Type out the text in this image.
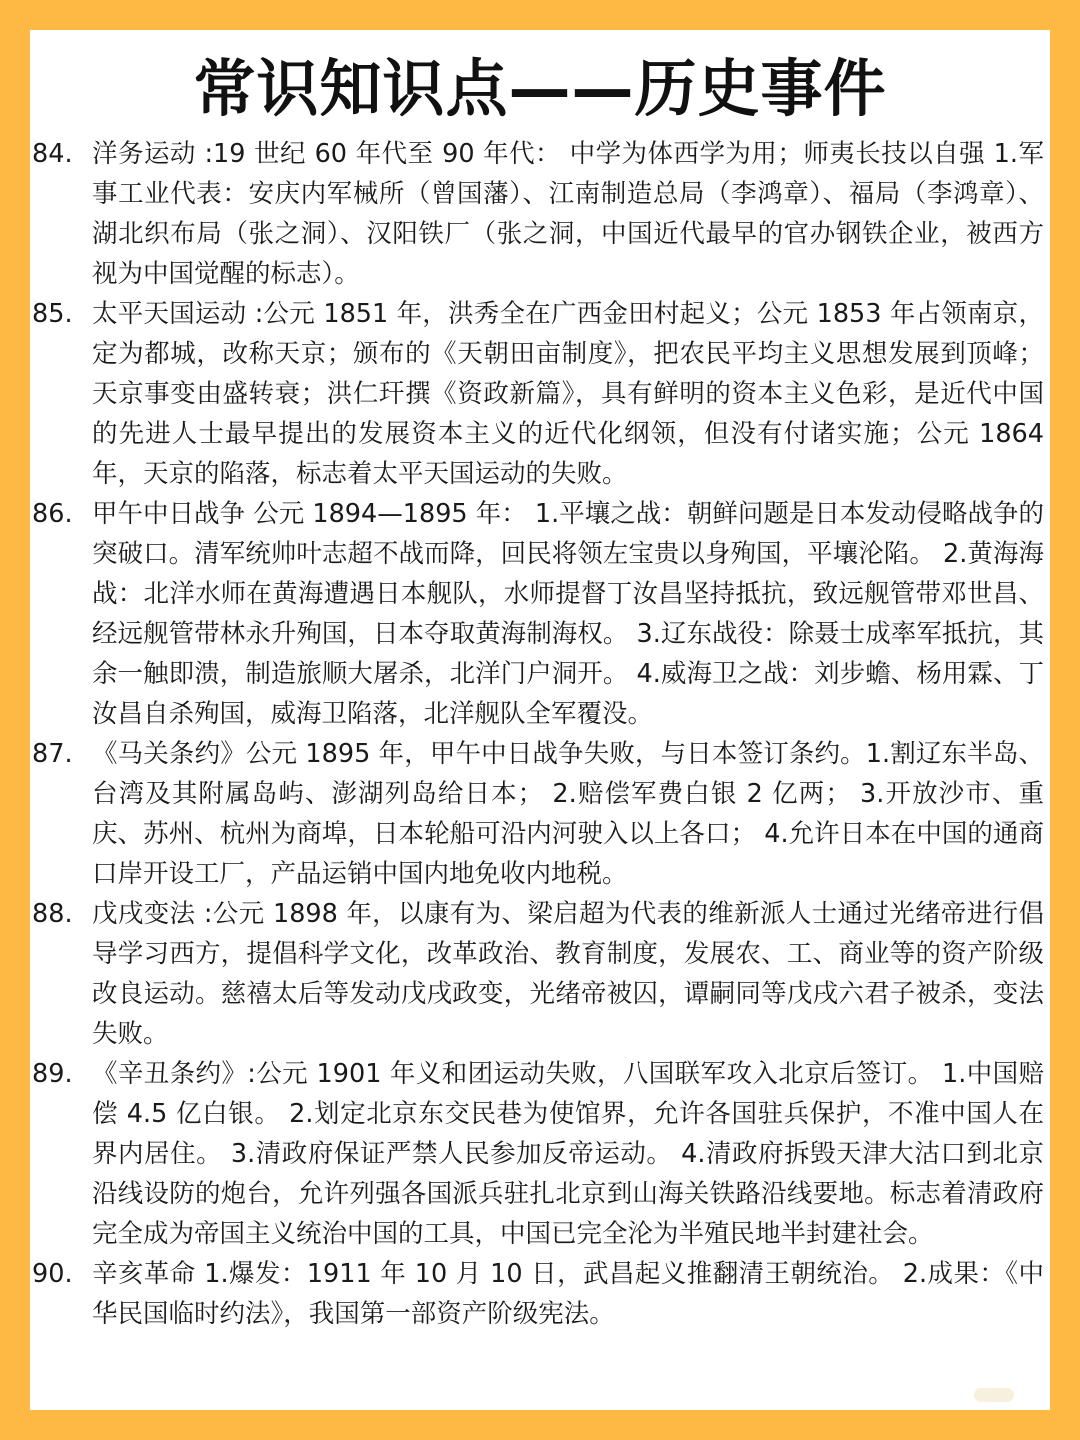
常识知识点——历史事件
84. 洋务运动 :19 世纪 60 年代至 90 年代： 中学为体西学为用；师夷长技以自强 1.军事工业代表：安庆内军械所（曾国藩）、江南制造总局（李鸿章）、福局（李鸿章）、湖北织布局（张之洞）、汉阳铁厂（张之洞，中国近代最早的官办钢铁企业，被西方视为中国觉醒的标志）。
85. 太平天国运动 :公元 1851 年，洪秀全在广西金田村起义；公元 1853 年占领南京，定为都城，改称天京；颁布的《天朝田亩制度》，把农民平均主义思想发展到顶峰；天京事变由盛转衰；洪仁玕撰《资政新篇》，具有鲜明的资本主义色彩，是近代中国的先进人士最早提出的发展资本主义的近代化纲领，但没有付诸实施；公元 1864 年，天京的陷落，标志着太平天国运动的失败。
86. 甲午中日战争 公元 1894—1895 年： 1.平壤之战：朝鲜问题是日本发动侵略战争的突破口。清军统帅叶志超不战而降，回民将领左宝贵以身殉国，平壤沦陷。 2.黄海海战：北洋水师在黄海遭遇日本舰队，水师提督丁汝昌坚持抵抗，致远舰管带邓世昌、经远舰管带林永升殉国，日本夺取黄海制海权。 3.辽东战役：除聂士成率军抵抗，其余一触即溃，制造旅顺大屠杀，北洋门户洞开。 4.威海卫之战：刘步蟾、杨用霖、丁汝昌自杀殉国，威海卫陷落，北洋舰队全军覆没。
87. 《马关条约》公元 1895 年，甲午中日战争失败，与日本签订条约。1.割辽东半岛、台湾及其附属岛屿、澎湖列岛给日本； 2.赔偿军费白银 2 亿两； 3.开放沙市、重庆、苏州、杭州为商埠，日本轮船可沿内河驶入以上各口； 4.允许日本在中国的通商口岸开设工厂，产品运销中国内地免收内地税。
88. 戊戌变法 :公元 1898 年，以康有为、梁启超为代表的维新派人士通过光绪帝进行倡导学习西方，提倡科学文化，改革政治、教育制度，发展农、工、商业等的资产阶级改良运动。慈禧太后等发动戊戌政变，光绪帝被囚，谭嗣同等戊戌六君子被杀，变法失败。
89. 《辛丑条约》:公元 1901 年义和团运动失败，八国联军攻入北京后签订。 1.中国赔偿 4.5 亿白银。 2.划定北京东交民巷为使馆界，允许各国驻兵保护，不准中国人在界内居住。 3.清政府保证严禁人民参加反帝运动。 4.清政府拆毁天津大沽口到北京沿线设防的炮台，允许列强各国派兵驻扎北京到山海关铁路沿线要地。标志着清政府完全成为帝国主义统治中国的工具，中国已完全沦为半殖民地半封建社会。
90. 辛亥革命 1.爆发：1911 年 10 月 10 日，武昌起义推翻清王朝统治。 2.成果：《中华民国临时约法》，我国第一部资产阶级宪法。
